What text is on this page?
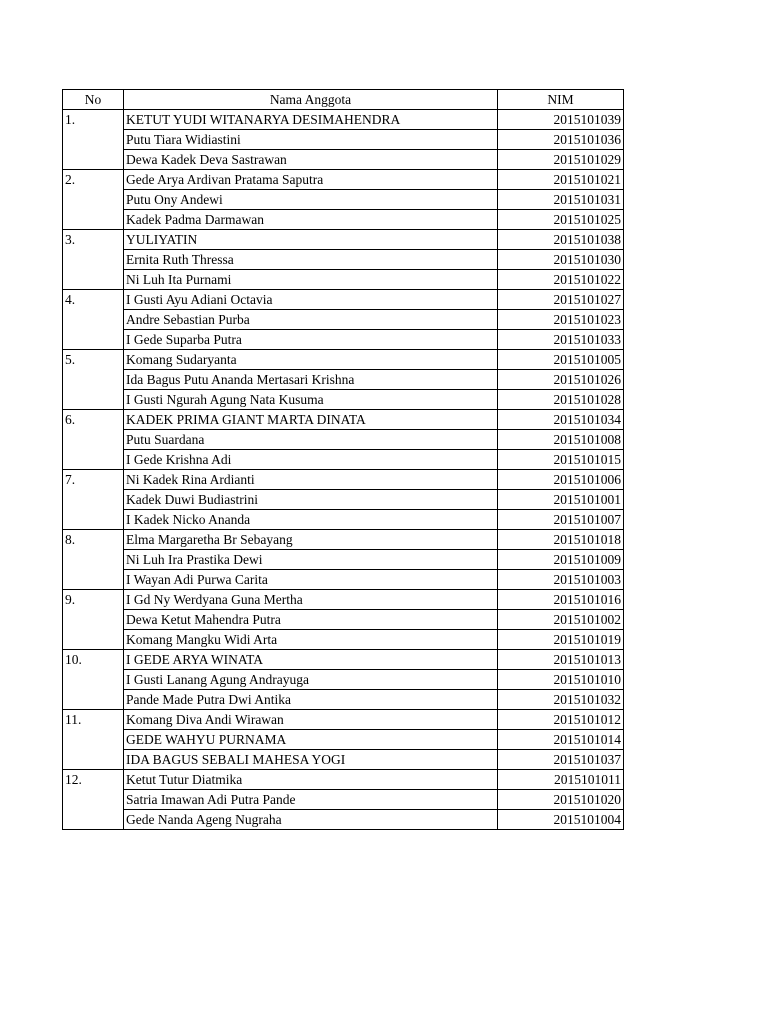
No	Nama Anggota	NIM
1.	KETUT YUDI WITANARYA DESIMAHENDRA	2015101039
	Putu Tiara Widiastini	2015101036
	Dewa Kadek Deva Sastrawan	2015101029
2.	Gede Arya Ardivan Pratama Saputra	2015101021
	Putu Ony Andewi	2015101031
	Kadek Padma Darmawan	2015101025
3.	YULIYATIN	2015101038
	Ernita Ruth Thressa	2015101030
	Ni Luh Ita Purnami	2015101022
4.	I Gusti Ayu Adiani Octavia	2015101027
	Andre Sebastian Purba	2015101023
	I Gede Suparba Putra	2015101033
5.	Komang Sudaryanta	2015101005
	Ida Bagus Putu Ananda Mertasari Krishna	2015101026
	I Gusti Ngurah Agung Nata Kusuma	2015101028
6.	KADEK PRIMA GIANT MARTA DINATA	2015101034
	Putu Suardana	2015101008
	I Gede Krishna Adi	2015101015
7.	Ni Kadek Rina Ardianti	2015101006
	Kadek Duwi Budiastrini	2015101001
	I Kadek Nicko Ananda	2015101007
8.	Elma Margaretha Br Sebayang	2015101018
	Ni Luh Ira Prastika Dewi	2015101009
	I Wayan Adi Purwa Carita	2015101003
9.	I Gd Ny Werdyana Guna Mertha	2015101016
	Dewa Ketut Mahendra Putra	2015101002
	Komang Mangku Widi Arta	2015101019
10.	I GEDE ARYA WINATA	2015101013
	I Gusti Lanang Agung Andrayuga	2015101010
	Pande Made Putra Dwi Antika	2015101032
11.	Komang Diva Andi Wirawan	2015101012
	GEDE WAHYU PURNAMA	2015101014
	IDA BAGUS SEBALI MAHESA YOGI	2015101037
12.	Ketut Tutur Diatmika	2015101011
	Satria Imawan Adi Putra Pande	2015101020
	Gede Nanda Ageng Nugraha	2015101004
